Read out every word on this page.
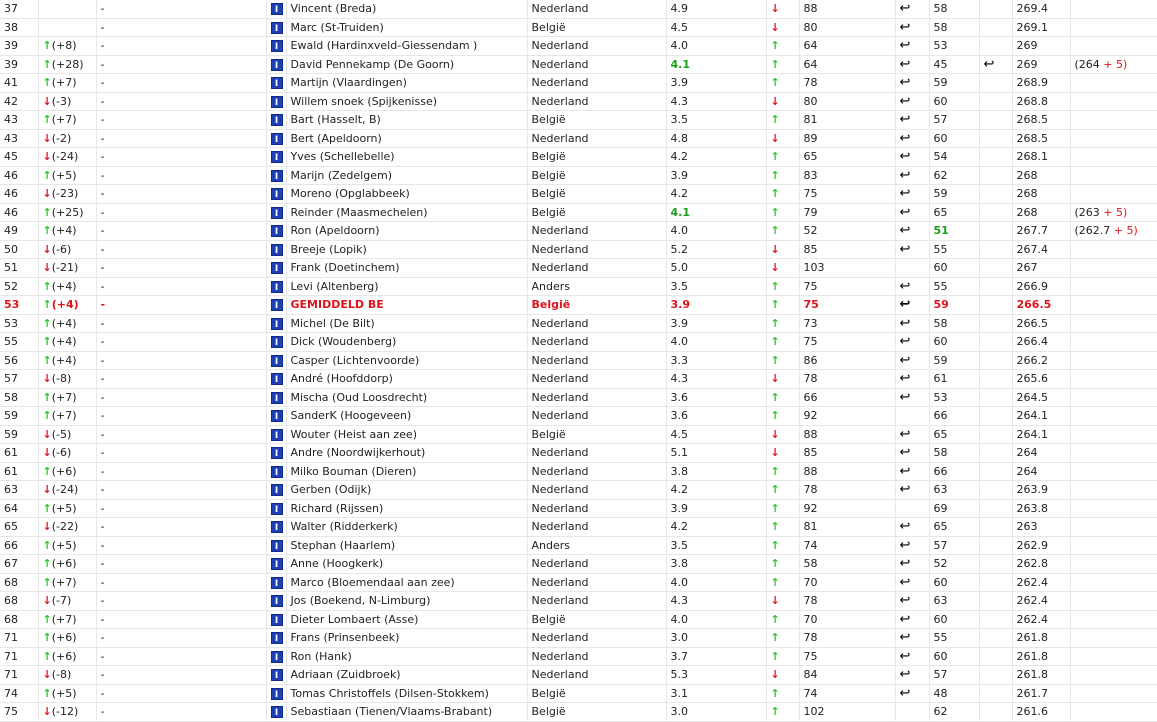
37		-	I	Vincent (Breda)	Nederland	4.9	↓	88	↩	58		269.4	
38		-	I	Marc (St-Truiden)	België	4.5	↓	80	↩	58		269.1	
39	↑(+8)	-	I	Ewald (Hardinxveld-Giessendam )	Nederland	4.0	↑	64	↩	53		269	
39	↑(+28)	-	I	David Pennekamp (De Goorn)	Nederland	4.1	↑	64	↩	45	↩	269	(264 + 5)
41	↑(+7)	-	I	Martijn (Vlaardingen)	Nederland	3.9	↑	78	↩	59		268.9	
42	↓(-3)	-	I	Willem snoek (Spijkenisse)	Nederland	4.3	↓	80	↩	60		268.8	
43	↑(+7)	-	I	Bart (Hasselt, B)	België	3.5	↑	81	↩	57		268.5	
43	↓(-2)	-	I	Bert (Apeldoorn)	Nederland	4.8	↓	89	↩	60		268.5	
45	↓(-24)	-	I	Yves (Schellebelle)	België	4.2	↑	65	↩	54		268.1	
46	↑(+5)	-	I	Marijn (Zedelgem)	België	3.9	↑	83	↩	62		268	
46	↓(-23)	-	I	Moreno (Opglabbeek)	België	4.2	↑	75	↩	59		268	
46	↑(+25)	-	I	Reinder (Maasmechelen)	België	4.1	↑	79	↩	65		268	(263 + 5)
49	↑(+4)	-	I	Ron (Apeldoorn)	Nederland	4.0	↑	52	↩	51		267.7	(262.7 + 5)
50	↓(-6)	-	I	Breeje (Lopik)	Nederland	5.2	↓	85	↩	55		267.4	
51	↓(-21)	-	I	Frank (Doetinchem)	Nederland	5.0	↓	103		60		267	
52	↑(+4)	-	I	Levi (Altenberg)	Anders	3.5	↑	75	↩	55		266.9	
53	↑(+4)	-	I	GEMIDDELD BE	België	3.9	↑	75	↩	59		266.5	
53	↑(+4)	-	I	Michel (De Bilt)	Nederland	3.9	↑	73	↩	58		266.5	
55	↑(+4)	-	I	Dick (Woudenberg)	Nederland	4.0	↑	75	↩	60		266.4	
56	↑(+4)	-	I	Casper (Lichtenvoorde)	Nederland	3.3	↑	86	↩	59		266.2	
57	↓(-8)	-	I	André (Hoofddorp)	Nederland	4.3	↓	78	↩	61		265.6	
58	↑(+7)	-	I	Mischa (Oud Loosdrecht)	Nederland	3.6	↑	66	↩	53		264.5	
59	↑(+7)	-	I	SanderK (Hoogeveen)	Nederland	3.6	↑	92		66		264.1	
59	↓(-5)	-	I	Wouter (Heist aan zee)	België	4.5	↓	88	↩	65		264.1	
61	↓(-6)	-	I	Andre (Noordwijkerhout)	Nederland	5.1	↓	85	↩	58		264	
61	↑(+6)	-	I	Milko Bouman (Dieren)	Nederland	3.8	↑	88	↩	66		264	
63	↓(-24)	-	I	Gerben (Odijk)	Nederland	4.2	↑	78	↩	63		263.9	
64	↑(+5)	-	I	Richard (Rijssen)	Nederland	3.9	↑	92		69		263.8	
65	↓(-22)	-	I	Walter (Ridderkerk)	Nederland	4.2	↑	81	↩	65		263	
66	↑(+5)	-	I	Stephan (Haarlem)	Anders	3.5	↑	74	↩	57		262.9	
67	↑(+6)	-	I	Anne (Hoogkerk)	Nederland	3.8	↑	58	↩	52		262.8	
68	↑(+7)	-	I	Marco (Bloemendaal aan zee)	Nederland	4.0	↑	70	↩	60		262.4	
68	↓(-7)	-	I	Jos (Boekend, N-Limburg)	Nederland	4.3	↓	78	↩	63		262.4	
68	↑(+7)	-	I	Dieter Lombaert (Asse)	België	4.0	↑	70	↩	60		262.4	
71	↑(+6)	-	I	Frans (Prinsenbeek)	Nederland	3.0	↑	78	↩	55		261.8	
71	↑(+6)	-	I	Ron (Hank)	Nederland	3.7	↑	75	↩	60		261.8	
71	↓(-8)	-	I	Adriaan (Zuidbroek)	Nederland	5.3	↓	84	↩	57		261.8	
74	↑(+5)	-	I	Tomas Christoffels (Dilsen-Stokkem)	België	3.1	↑	74	↩	48		261.7	
75	↓(-12)	-	I	Sebastiaan (Tienen/Vlaams-Brabant)	België	3.0	↑	102		62		261.6	
